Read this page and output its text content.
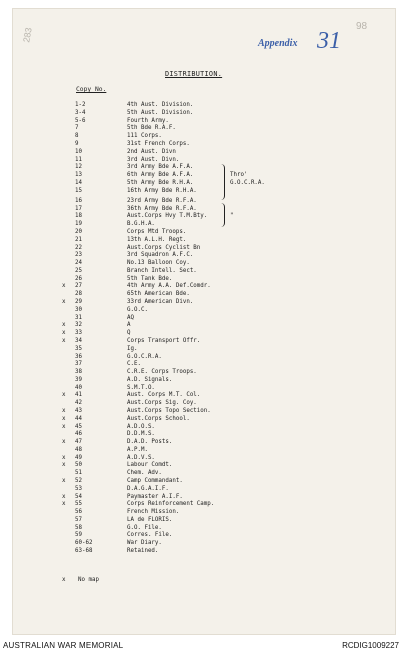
283
98
Appendix 31
DISTRIBUTION.
Copy No.
1-2	4th Aust. Division.
3-4	5th Aust. Division.
5-6	Fourth Army.
7	5th Bde R.A.F.
8	111 Corps.
9	31st French Corps.
10	2nd Aust. Divn
11	3rd Aust. Divn.
12	3rd Army Bde A.F.A.
13	6th Army Bde A.F.A.	Thro'
14	5th Army Bde R.H.A.	G.O.C.R.A.
15	16th Army Bde R.H.A.
16	23rd Army Bde R.F.A.
17	36th Army Bde R.F.A.
18	Aust.Corps Hvy T.M.Bty.	"
19	B.G.H.A.
20	Corps Mtd Troops.
21	13th A.L.H. Regt.
22	Aust.Corps Cyclist Bn
23	3rd Squadron A.F.C.
24	No.13 Balloon Coy.
25	Branch Intell. Sect.
26	5th Tank Bde.
x 27	4th Army A.A. Def.Comdr.
28	65th American Bde.
x 29	33rd American Divn.
30	G.O.C.
31	AQ
x 32	A
x 33	Q
x 34	Corps Transport Offr.
35	Ig.
36	G.O.C.R.A.
37	C.E.
38	C.R.E. Corps Troops.
39	A.D. Signals.
40	S.M.T.O.
x 41	Aust. Corps M.T. Col.
42	Aust.Corps Sig. Coy.
x 43	Aust.Corps Topo Section.
x 44	Aust.Corps School.
x 45	A.D.O.S.
46	D.D.M.S.
x 47	D.A.D. Posts.
48	A.P.M.
x 49	A.D.V.S.
x 50	Labour Comdt.
51	Chem. Adv.
x 52	Camp Commandant.
53	D.A.G.A.I.F.
x 54	Paymaster A.I.F.
x 55	Corps Reinforcement Camp.
56	French Mission.
57	LA de FLORIS.
58	G.O. File.
59	Corres. File.
60-62	War Diary.
63-68	Retained.
x No map
AUSTRALIAN WAR MEMORIAL	RCDIG1009227
